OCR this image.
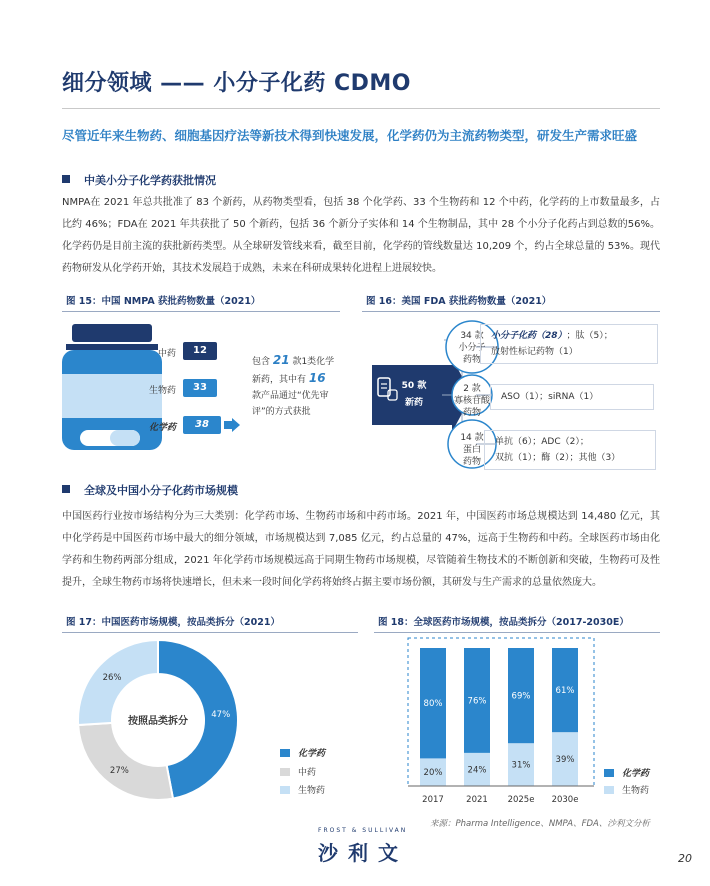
细分领域 —— 小分子化药 CDMO
尽管近年来生物药、细胞基因疗法等新技术得到快速发展，化学药仍为主流药物类型，研发生产需求旺盛
中美小分子化学药获批情况
NMPA在 2021 年总共批准了 83 个新药，从药物类型看，包括 38 个化学药、33 个生物药和 12 个中药，化学药的上市数量最多，占比约 46%；FDA在 2021 年共获批了 50 个新药，包括 36 个新分子实体和 14 个生物制品，其中 28 个小分子化药占到总数的56%。化学药仍是目前主流的获批新药类型。从全球研发管线来看，截至目前，化学药的管线数量达 10,209 个，约占全球总量的 53%。现代药物研发从化学药开始，其技术发展趋于成熟，未来在科研成果转化进程上进展较快。
图 15：中国 NMPA 获批药物数量（2021）
中药	12
生物药	33
化学药	38
包含 21 款1类化学新药，其中有 16 款产品通过“优先审评”的方式获批
图 16：美国 FDA 获批药物数量（2021）
50 款
新药
34 款
小分子
药物
2 款
寡核苷酸
药物
14 款
蛋白
药物
小分子化药（28）；肽（5）；
放射性标记药物（1）
ASO（1）；siRNA（1）
单抗（6）；ADC（2）；
双抗（1）；酶（2）；其他（3）
全球及中国小分子化药市场规模
中国医药行业按市场结构分为三大类别：化学药市场、生物药市场和中药市场。2021 年，中国医药市场总规模达到 14,480 亿元，其中化学药是中国医药市场中最大的细分领域，市场规模达到 7,085 亿元，约占总量的 47%，远高于生物药和中药。全球医药市场由化学药和生物药两部分组成，2021 年化学药市场规模远高于同期生物药市场规模，尽管随着生物技术的不断创新和突破，生物药可及性提升，全球生物药市场将快速增长，但未来一段时间化学药将始终占据主要市场份额，其研发与生产需求的总量依然庞大。
图 17：中国医药市场规模，按品类拆分（2021）
47%
27%
26%
按照品类拆分
化学药
中药
生物药
图 18：全球医药市场规模，按品类拆分（2017-2030E）
80%
20%
2017
76%
24%
2021
69%
31%
2025e
61%
39%
2030e
化学药
生物药
来源：Pharma Intelligence、NMPA、FDA、沙利文分析
FROST & SULLIVAN
沙利文	20
